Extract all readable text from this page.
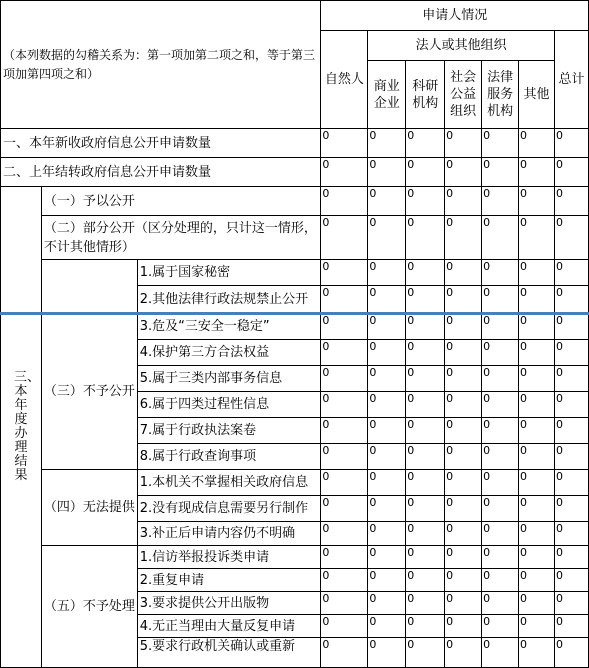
（本列数据的勾稽关系为：第一项加第二项之和，等于第三项加第四项之和）			申请人情况						
			自然人	法人或其他组织					总计
				商业企业	科研机构	社会公益组织	法律服务机构	其他	
一、本年新收政府信息公开申请数量			0	0	0	0	0	0	0
二、上年结转政府信息公开申请数量			0	0	0	0	0	0	0
三、本年度办理结果	（一）予以公开		0	0	0	0	0	0	0
	（二）部分公开（区分处理的，只计这一情形，不计其他情形）		0	0	0	0	0	0	0
		1.属于国家秘密	0	0	0	0	0	0	0
		2.其他法律行政法规禁止公开	0	0	0	0	0	0	0
	（三）不予公开	3.危及“三安全一稳定”	0	0	0	0	0	0	0
		4.保护第三方合法权益	0	0	0	0	0	0	0
		5.属于三类内部事务信息	0	0	0	0	0	0	0
		6.属于四类过程性信息	0	0	0	0	0	0	0
		7.属于行政执法案卷	0	0	0	0	0	0	0
		8.属于行政查询事项	0	0	0	0	0	0	0
	（四）无法提供	1.本机关不掌握相关政府信息	0	0	0	0	0	0	0
		2.没有现成信息需要另行制作	0	0	0	0	0	0	0
		3.补正后申请内容仍不明确	0	0	0	0	0	0	0
	（五）不予处理	1.信访举报投诉类申请	0	0	0	0	0	0	0
		2.重复申请	0	0	0	0	0	0	0
		3.要求提供公开出版物	0	0	0	0	0	0	0
		4.无正当理由大量反复申请	0	0	0	0	0	0	0
		5.要求行政机关确认或重新	0	0	0	0	0	0	0
